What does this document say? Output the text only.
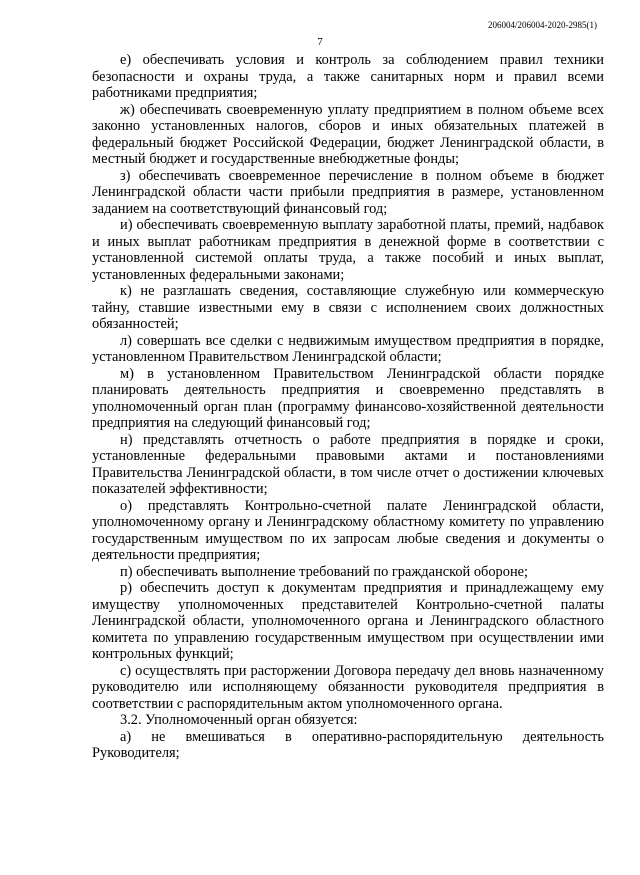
206004/206004-2020-2985(1)
7

е) обеспечивать условия и контроль за соблюдением правил техники безопасности и охраны труда, а также санитарных норм и правил всеми работниками предприятия;

ж) обеспечивать своевременную уплату предприятием в полном объеме всех законно установленных налогов, сборов и иных обязательных платежей в федеральный бюджет Российской Федерации, бюджет Ленинградской области, в местный бюджет и государственные внебюджетные фонды;

з) обеспечивать своевременное перечисление в полном объеме в бюджет Ленинградской области части прибыли предприятия в размере, установленном заданием на соответствующий финансовый год;

и) обеспечивать своевременную выплату заработной платы, премий, надбавок и иных выплат работникам предприятия в денежной форме в соответствии с установленной системой оплаты труда, а также пособий и иных выплат, установленных федеральными законами;

к) не разглашать сведения, составляющие служебную или коммерческую тайну, ставшие известными ему в связи с исполнением своих должностных обязанностей;

л) совершать все сделки с недвижимым имуществом предприятия в порядке, установленном Правительством Ленинградской области;

м) в установленном Правительством Ленинградской области порядке планировать деятельность предприятия и своевременно представлять в уполномоченный орган план (программу финансово-хозяйственной деятельности предприятия на следующий финансовый год;

н) представлять отчетность о работе предприятия в порядке и сроки, установленные федеральными правовыми актами и постановлениями Правительства Ленинградской области, в том числе отчет о достижении ключевых показателей эффективности;

о) представлять Контрольно-счетной палате Ленинградской области, уполномоченному органу и Ленинградскому областному комитету по управлению государственным имуществом по их запросам любые сведения и документы о деятельности предприятия;

п) обеспечивать выполнение требований по гражданской обороне;

р) обеспечить доступ к документам предприятия и принадлежащему ему имуществу уполномоченных представителей Контрольно-счетной палаты Ленинградской области, уполномоченного органа и Ленинградского областного комитета по управлению государственным имуществом при осуществлении ими контрольных функций;

с) осуществлять при расторжении Договора передачу дел вновь назначенному руководителю или исполняющему обязанности руководителя предприятия в соответствии с распорядительным актом уполномоченного органа.

3.2. Уполномоченный орган обязуется:

а) не вмешиваться в оперативно-распорядительную деятельность Руководителя;
